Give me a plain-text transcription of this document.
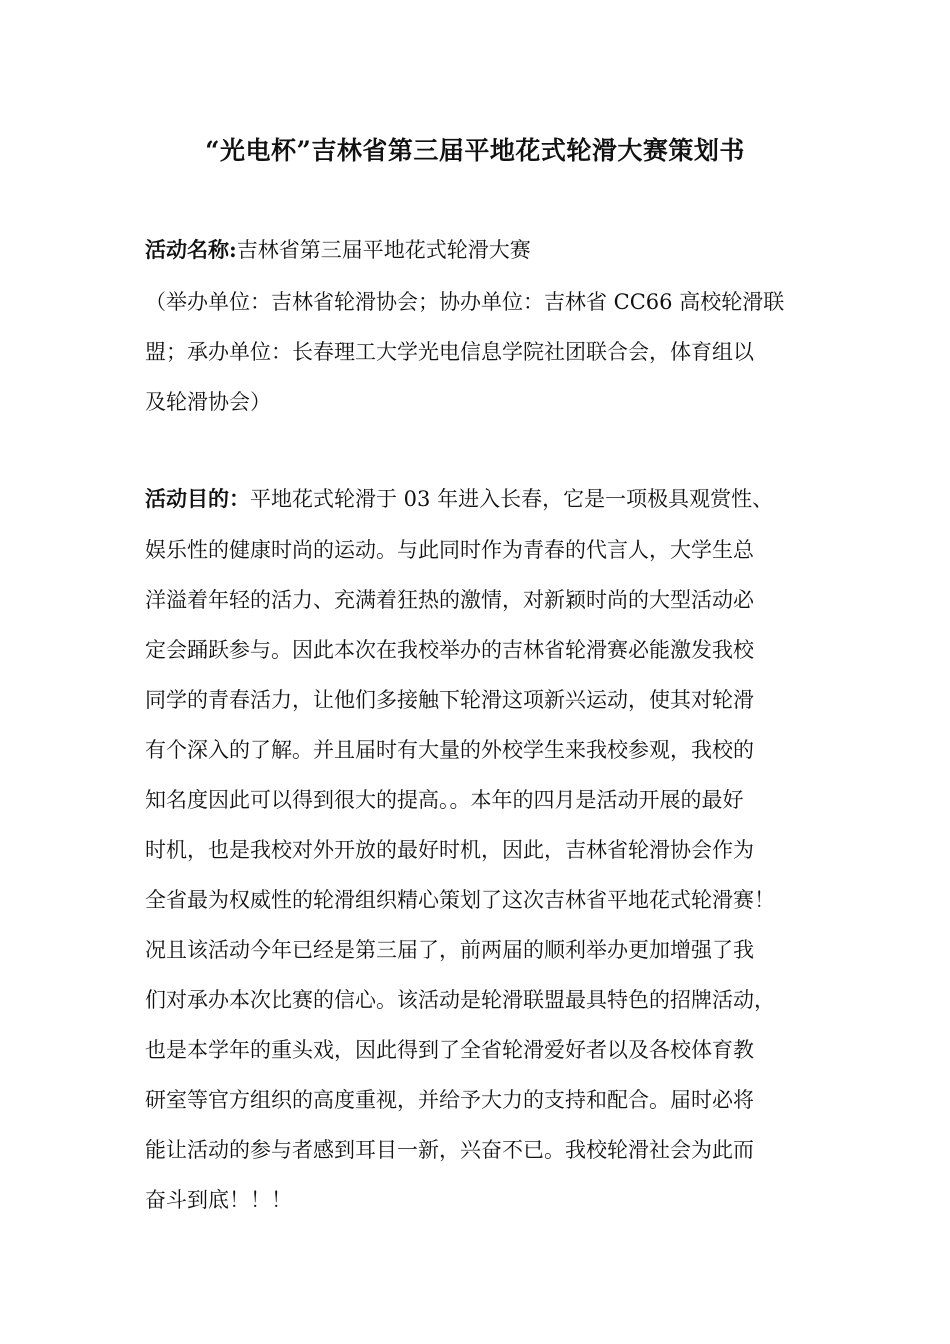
“光电杯”吉林省第三届平地花式轮滑大赛策划书
活动名称:吉林省第三届平地花式轮滑大赛
（举办单位：吉林省轮滑协会；协办单位：吉林省 CC66 高校轮滑联
盟；承办单位：长春理工大学光电信息学院社团联合会，体育组以
及轮滑协会）
活动目的：平地花式轮滑于 03 年进入长春，它是一项极具观赏性、
娱乐性的健康时尚的运动。与此同时作为青春的代言人，大学生总
洋溢着年轻的活力、充满着狂热的激情，对新颖时尚的大型活动必
定会踊跃参与。因此本次在我校举办的吉林省轮滑赛必能激发我校
同学的青春活力，让他们多接触下轮滑这项新兴运动，使其对轮滑
有个深入的了解。并且届时有大量的外校学生来我校参观，我校的
知名度因此可以得到很大的提高。。本年的四月是活动开展的最好
时机，也是我校对外开放的最好时机，因此，吉林省轮滑协会作为
全省最为权威性的轮滑组织精心策划了这次吉林省平地花式轮滑赛！
况且该活动今年已经是第三届了，前两届的顺利举办更加增强了我
们对承办本次比赛的信心。该活动是轮滑联盟最具特色的招牌活动，
也是本学年的重头戏，因此得到了全省轮滑爱好者以及各校体育教
研室等官方组织的高度重视，并给予大力的支持和配合。届时必将
能让活动的参与者感到耳目一新，兴奋不已。我校轮滑社会为此而
奋斗到底！！！
